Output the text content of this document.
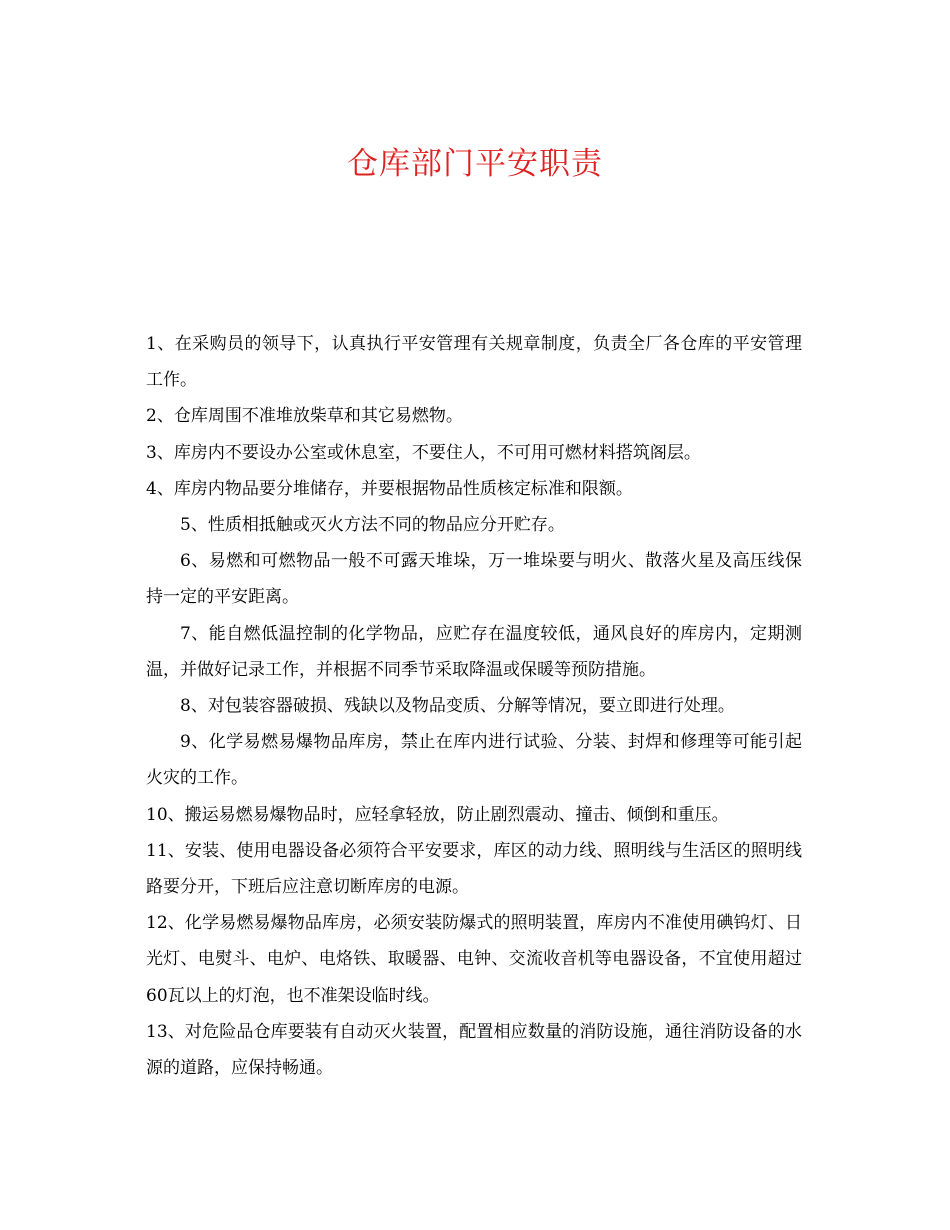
仓库部门平安职责

1、在采购员的领导下，认真执行平安管理有关规章制度，负责全厂各仓库的平安管理工作。

2、仓库周围不准堆放柴草和其它易燃物。

3、库房内不要设办公室或休息室，不要住人，不可用可燃材料搭筑阁层。

4、库房内物品要分堆储存，并要根据物品性质核定标准和限额。

5、性质相抵触或灭火方法不同的物品应分开贮存。

6、易燃和可燃物品一般不可露天堆垛，万一堆垛要与明火、散落火星及高压线保持一定的平安距离。

7、能自燃低温控制的化学物品，应贮存在温度较低，通风良好的库房内，定期测温，并做好记录工作，并根据不同季节采取降温或保暖等预防措施。

8、对包装容器破损、残缺以及物品变质、分解等情况，要立即进行处理。

9、化学易燃易爆物品库房，禁止在库内进行试验、分装、封焊和修理等可能引起火灾的工作。

10、搬运易燃易爆物品时，应轻拿轻放，防止剧烈震动、撞击、倾倒和重压。

11、安装、使用电器设备必须符合平安要求，库区的动力线、照明线与生活区的照明线路要分开，下班后应注意切断库房的电源。

12、化学易燃易爆物品库房，必须安装防爆式的照明装置，库房内不准使用碘钨灯、日光灯、电熨斗、电炉、电烙铁、取暖器、电钟、交流收音机等电器设备，不宜使用超过60瓦以上的灯泡，也不准架设临时线。

13、对危险品仓库要装有自动灭火装置，配置相应数量的消防设施，通往消防设备的水源的道路，应保持畅通。
